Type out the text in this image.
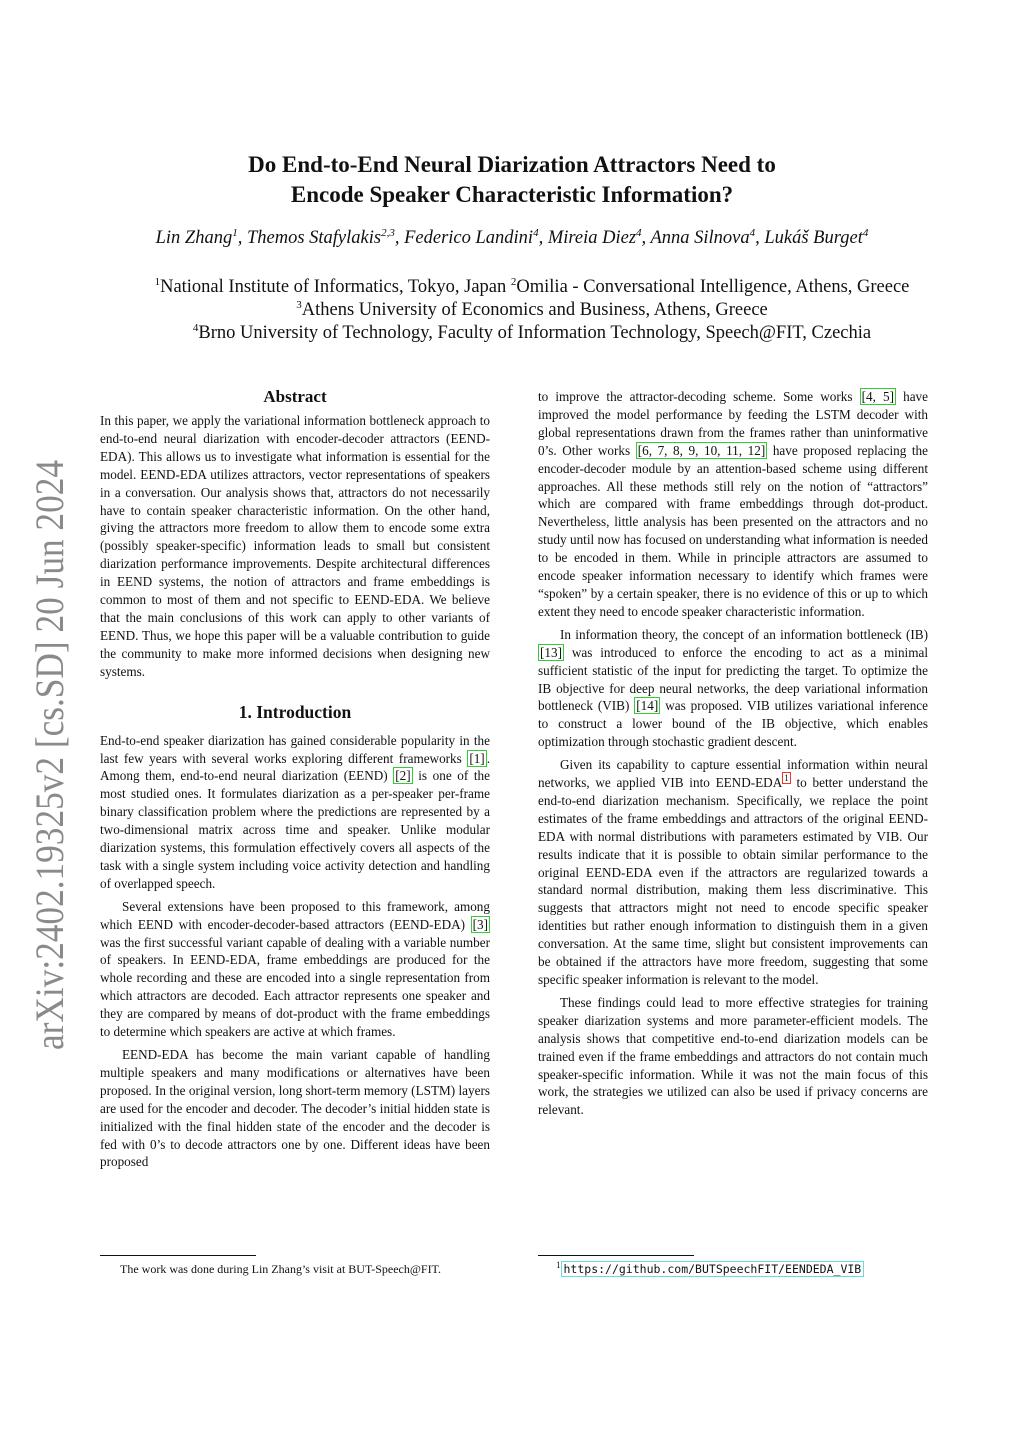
arXiv:2402.19325v2 [cs.SD] 20 Jun 2024
Do End-to-End Neural Diarization Attractors Need to
Encode Speaker Characteristic Information?
Lin Zhang$^1$, Themos Stafylakis$^{2,3}$, Federico Landini$^4$, Mireia Diez$^4$, Anna Silnova$^4$, Lukáš Burget$^4$
$^1$National Institute of Informatics, Tokyo, Japan $^2$Omilia - Conversational Intelligence, Athens, Greece
$^3$Athens University of Economics and Business, Athens, Greece
$^4$Brno University of Technology, Faculty of Information Technology, Speech@FIT, Czechia
Abstract

In this paper, we apply the variational information bottleneck approach to end-to-end neural diarization with encoder-decoder attractors (EEND-EDA). This allows us to investigate what information is essential for the model. EEND-EDA utilizes attractors, vector representations of speakers in a conversation. Our analysis shows that, attractors do not necessarily have to contain speaker characteristic information. On the other hand, giving the attractors more freedom to allow them to encode some extra (possibly speaker-specific) information leads to small but consistent diarization performance improvements. Despite architectural differences in EEND systems, the notion of attractors and frame embeddings is common to most of them and not specific to EEND-EDA. We believe that the main conclusions of this work can apply to other variants of EEND. Thus, we hope this paper will be a valuable contribution to guide the community to make more informed decisions when designing new systems.

1. Introduction

End-to-end speaker diarization has gained considerable popularity in the last few years with several works exploring different frameworks [1] . Among them, end-to-end neural diarization (EEND) [2] is one of the most studied ones. It formulates diarization as a per-speaker per-frame binary classification problem where the predictions are represented by a two-dimensional matrix across time and speaker. Unlike modular diarization systems, this formulation effectively covers all aspects of the task with a single system including voice activity detection and handling of overlapped speech.

Several extensions have been proposed to this framework, among which EEND with encoder-decoder-based attractors (EEND-EDA) [3] was the first successful variant capable of dealing with a variable number of speakers. In EEND-EDA, frame embeddings are produced for the whole recording and these are encoded into a single representation from which attractors are decoded. Each attractor represents one speaker and they are compared by means of dot-product with the frame embeddings to determine which speakers are active at which frames.

EEND-EDA has become the main variant capable of handling multiple speakers and many modifications or alternatives have been proposed. In the original version, long short-term memory (LSTM) layers are used for the encoder and decoder. The decoder’s initial hidden state is initialized with the final hidden state of the encoder and the decoder is fed with 0’s to decode attractors one by one. Different ideas have been proposed

to improve the attractor-decoding scheme. Some works [4, 5] have improved the model performance by feeding the LSTM decoder with global representations drawn from the frames rather than uninformative 0’s. Other works [6, 7, 8, 9, 10, 11, 12] have proposed replacing the encoder-decoder module by an attention-based scheme using different approaches. All these methods still rely on the notion of “attractors” which are compared with frame embeddings through dot-product. Nevertheless, little analysis has been presented on the attractors and no study until now has focused on understanding what information is needed to be encoded in them. While in principle attractors are assumed to encode speaker information necessary to identify which frames were “spoken” by a certain speaker, there is no evidence of this or up to which extent they need to encode speaker characteristic information.

In information theory, the concept of an information bottleneck (IB) [13] was introduced to enforce the encoding to act as a minimal sufficient statistic of the input for predicting the target. To optimize the IB objective for deep neural networks, the deep variational information bottleneck (VIB) [14] was proposed. VIB utilizes variational inference to construct a lower bound of the IB objective, which enables optimization through stochastic gradient descent.

Given its capability to capture essential information within neural networks, we applied VIB into EEND-EDA $^1$ to better understand the end-to-end diarization mechanism. Specifically, we replace the point estimates of the frame embeddings and attractors of the original EEND-EDA with normal distributions with parameters estimated by VIB. Our results indicate that it is possible to obtain similar performance to the original EEND-EDA even if the attractors are regularized towards a standard normal distribution, making them less discriminative. This suggests that attractors might not need to encode specific speaker identities but rather enough information to distinguish them in a given conversation. At the same time, slight but consistent improvements can be obtained if the attractors have more freedom, suggesting that some specific speaker information is relevant to the model.

These findings could lead to more effective strategies for training speaker diarization systems and more parameter-efficient models. The analysis shows that competitive end-to-end diarization models can be trained even if the frame embeddings and attractors do not contain much speaker-specific information. While it was not the main focus of this work, the strategies we utilized can also be used if privacy concerns are relevant.

The work was done during Lin Zhang’s visit at BUT-Speech@FIT.	$^1$ https://github.com/BUTSpeechFIT/EENDEDA_VIB
